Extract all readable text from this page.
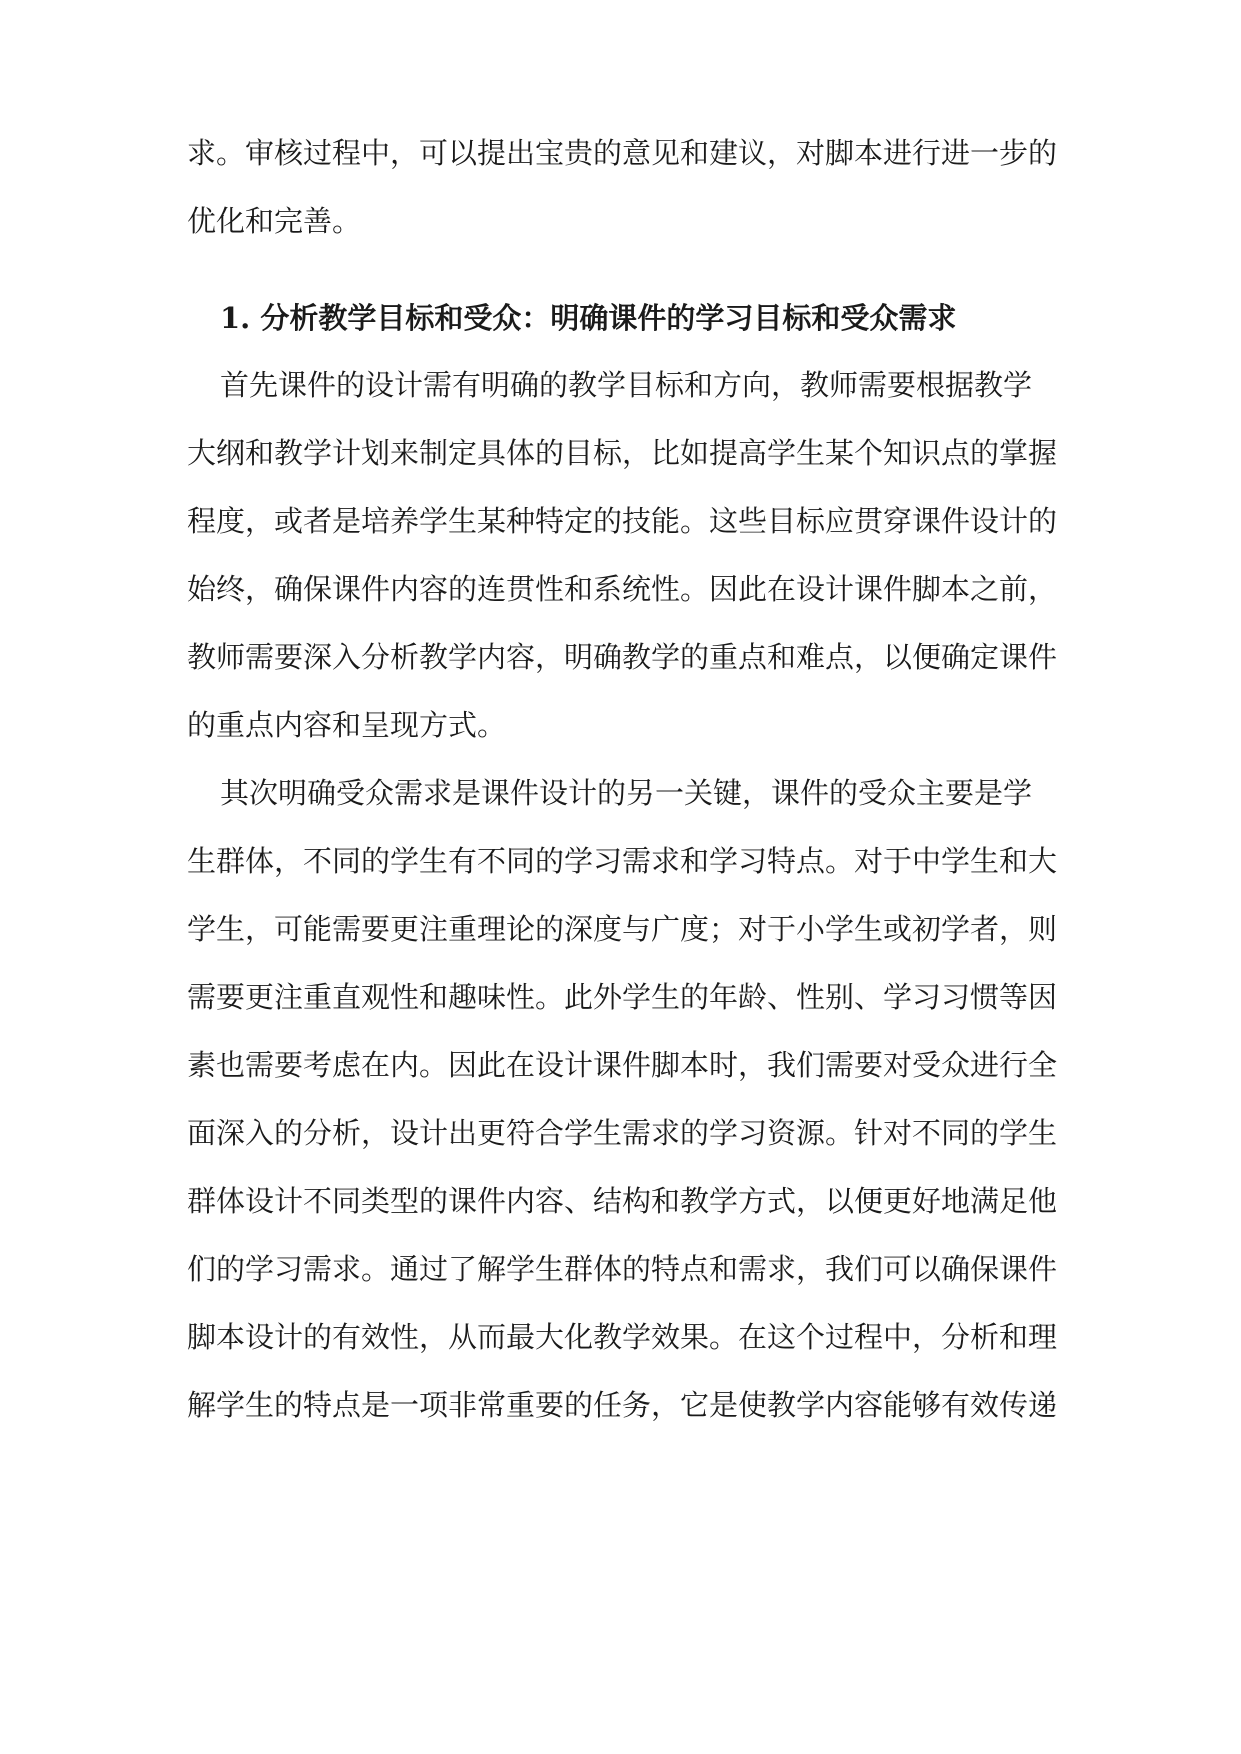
求。审核过程中，可以提出宝贵的意见和建议，对脚本进行进一步的

优化和完善。

1. 分析教学目标和受众：明确课件的学习目标和受众需求

首先课件的设计需有明确的教学目标和方向，教师需要根据教学

大纲和教学计划来制定具体的目标，比如提高学生某个知识点的掌握

程度，或者是培养学生某种特定的技能。这些目标应贯穿课件设计的

始终，确保课件内容的连贯性和系统性。因此在设计课件脚本之前，

教师需要深入分析教学内容，明确教学的重点和难点，以便确定课件

的重点内容和呈现方式。

其次明确受众需求是课件设计的另一关键，课件的受众主要是学

生群体，不同的学生有不同的学习需求和学习特点。对于中学生和大

学生，可能需要更注重理论的深度与广度；对于小学生或初学者，则

需要更注重直观性和趣味性。此外学生的年龄、性别、学习习惯等因

素也需要考虑在内。因此在设计课件脚本时，我们需要对受众进行全

面深入的分析，设计出更符合学生需求的学习资源。针对不同的学生

群体设计不同类型的课件内容、结构和教学方式，以便更好地满足他

们的学习需求。通过了解学生群体的特点和需求，我们可以确保课件

脚本设计的有效性，从而最大化教学效果。在这个过程中，分析和理

解学生的特点是一项非常重要的任务，它是使教学内容能够有效传递
